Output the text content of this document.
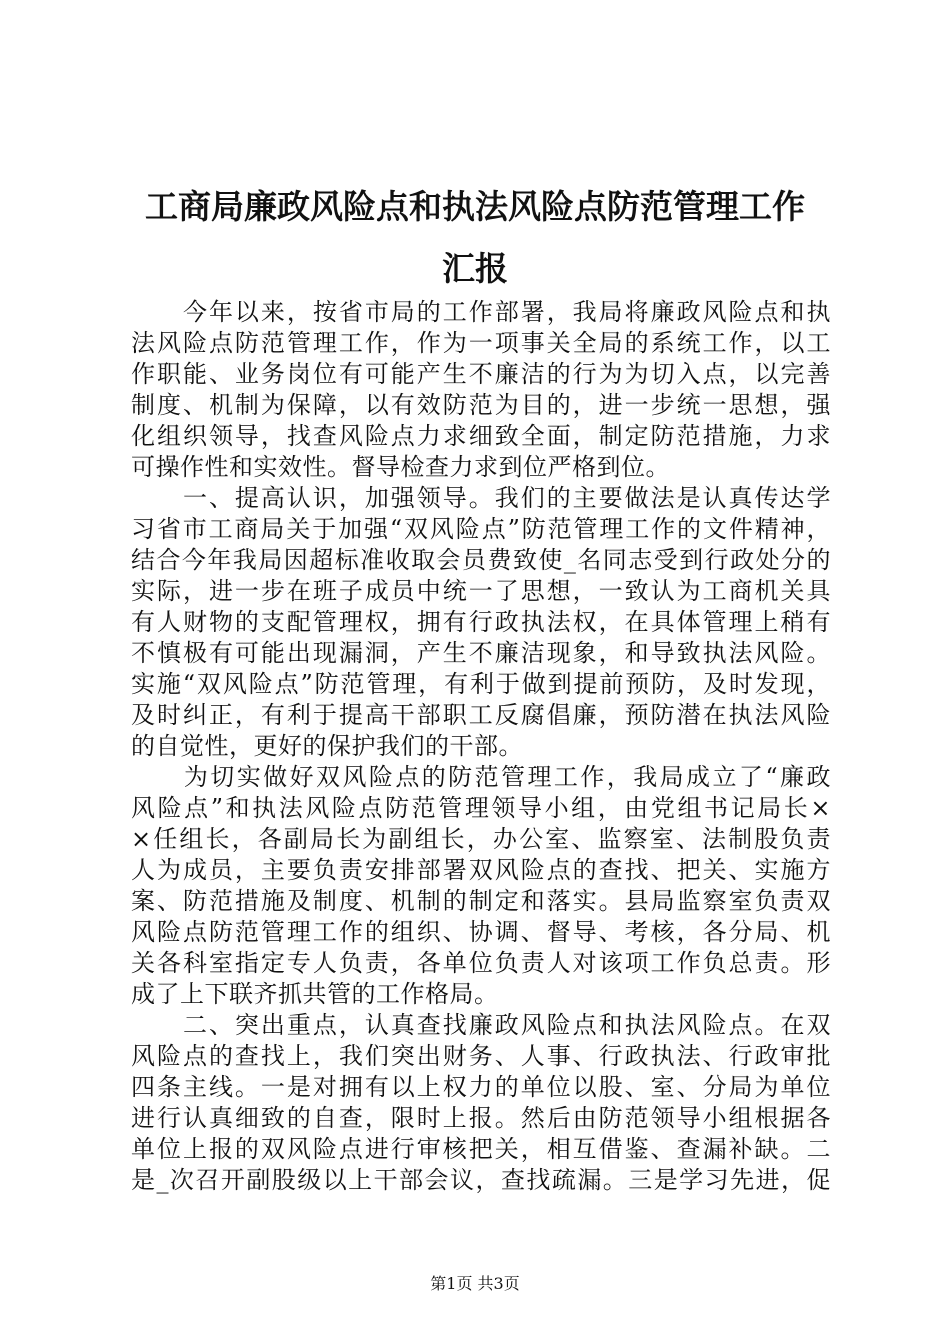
工商局廉政风险点和执法风险点防范管理工作
汇报
　　今年以来，按省市局的工作部署，我局将廉政风险点和执
法风险点防范管理工作，作为一项事关全局的系统工作，以工
作职能、业务岗位有可能产生不廉洁的行为为切入点，以完善
制度、机制为保障，以有效防范为目的，进一步统一思想，强
化组织领导，找查风险点力求细致全面，制定防范措施，力求
可操作性和实效性。督导检查力求到位严格到位。
　　一、提高认识，加强领导。我们的主要做法是认真传达学
习省市工商局关于加强“双风险点”防范管理工作的文件精神，
结合今年我局因超标准收取会员费致使_名同志受到行政处分的
实际，进一步在班子成员中统一了思想，一致认为工商机关具
有人财物的支配管理权，拥有行政执法权，在具体管理上稍有
不慎极有可能出现漏洞，产生不廉洁现象，和导致执法风险。
实施“双风险点”防范管理，有利于做到提前预防，及时发现，
及时纠正，有利于提高干部职工反腐倡廉，预防潜在执法风险
的自觉性，更好的保护我们的干部。
　　为切实做好双风险点的防范管理工作，我局成立了“廉政
风险点”和执法风险点防范管理领导小组，由党组书记局长×
×任组长，各副局长为副组长，办公室、监察室、法制股负责
人为成员，主要负责安排部署双风险点的查找、把关、实施方
案、防范措施及制度、机制的制定和落实。县局监察室负责双
风险点防范管理工作的组织、协调、督导、考核，各分局、机
关各科室指定专人负责，各单位负责人对该项工作负总责。形
成了上下联齐抓共管的工作格局。
　　二、突出重点，认真查找廉政风险点和执法风险点。在双
风险点的查找上，我们突出财务、人事、行政执法、行政审批
四条主线。一是对拥有以上权力的单位以股、室、分局为单位
进行认真细致的自查，限时上报。然后由防范领导小组根据各
单位上报的双风险点进行审核把关，相互借鉴、查漏补缺。二
是_次召开副股级以上干部会议，查找疏漏。三是学习先进，促
第1页 共3页
